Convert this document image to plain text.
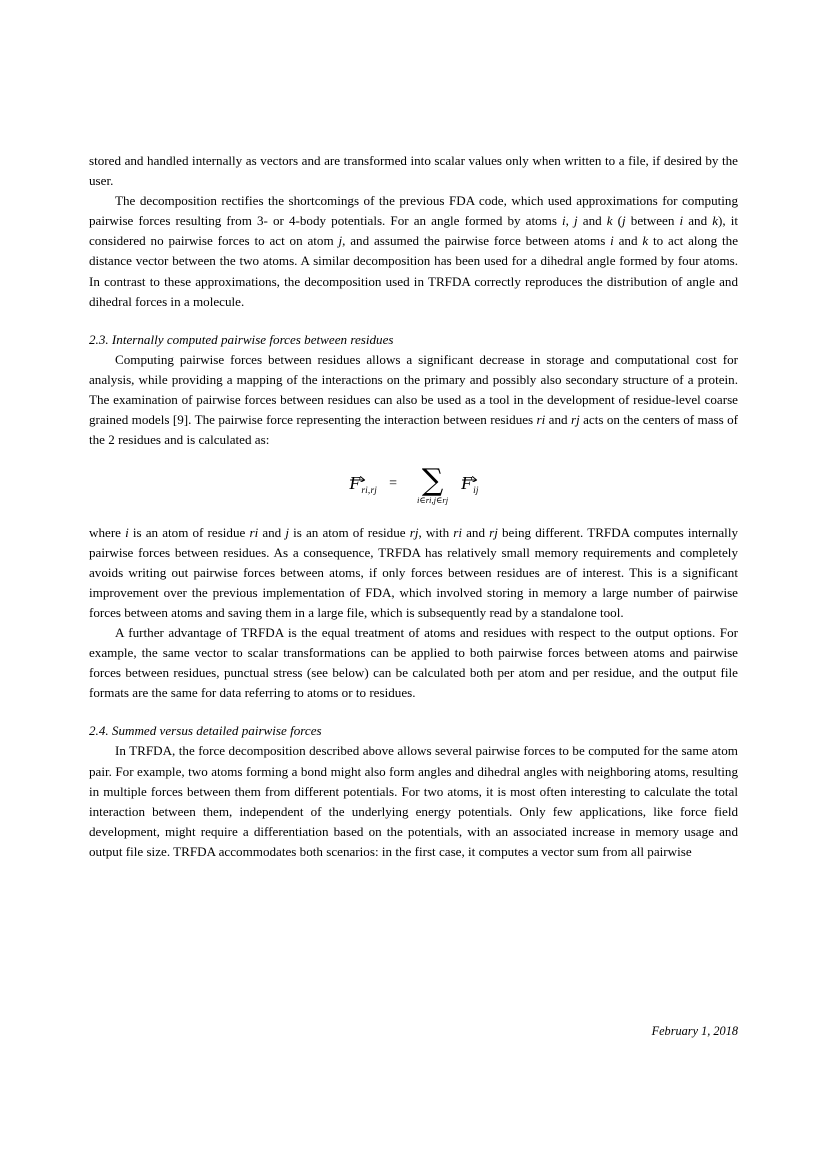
stored and handled internally as vectors and are transformed into scalar values only when written to a file, if desired by the user.

The decomposition rectifies the shortcomings of the previous FDA code, which used approximations for computing pairwise forces resulting from 3- or 4-body potentials. For an angle formed by atoms i, j and k (j between i and k), it considered no pairwise forces to act on atom j, and assumed the pairwise force between atoms i and k to act along the distance vector between the two atoms. A similar decomposition has been used for a dihedral angle formed by four atoms. In contrast to these approximations, the decomposition used in TRFDA correctly reproduces the distribution of angle and dihedral forces in a molecule.

2.3. Internally computed pairwise forces between residues

Computing pairwise forces between residues allows a significant decrease in storage and computational cost for analysis, while providing a mapping of the interactions on the primary and possibly also secondary structure of a protein. The examination of pairwise forces between residues can also be used as a tool in the development of residue-level coarse grained models [9]. The pairwise force representing the interaction between residues ri and rj acts on the centers of mass of the 2 residues and is calculated as:

F ri,rj = ∑
i∈ri,j∈rj
F ij

where i is an atom of residue ri and j is an atom of residue rj, with ri and rj being different. TRFDA computes internally pairwise forces between residues. As a consequence, TRFDA has relatively small memory requirements and completely avoids writing out pairwise forces between atoms, if only forces between residues are of interest. This is a significant improvement over the previous implementation of FDA, which involved storing in memory a large number of pairwise forces between atoms and saving them in a large file, which is subsequently read by a standalone tool.

A further advantage of TRFDA is the equal treatment of atoms and residues with respect to the output options. For example, the same vector to scalar transformations can be applied to both pairwise forces between atoms and pairwise forces between residues, punctual stress (see below) can be calculated both per atom and per residue, and the output file formats are the same for data referring to atoms or to residues.

2.4. Summed versus detailed pairwise forces

In TRFDA, the force decomposition described above allows several pairwise forces to be computed for the same atom pair. For example, two atoms forming a bond might also form angles and dihedral angles with neighboring atoms, resulting in multiple forces between them from different potentials. For two atoms, it is most often interesting to calculate the total interaction between them, independent of the underlying energy potentials. Only few applications, like force field development, might require a differentiation based on the potentials, with an associated increase in memory usage and output file size. TRFDA accommodates both scenarios: in the first case, it computes a vector sum from all pairwise

February 1, 2018
